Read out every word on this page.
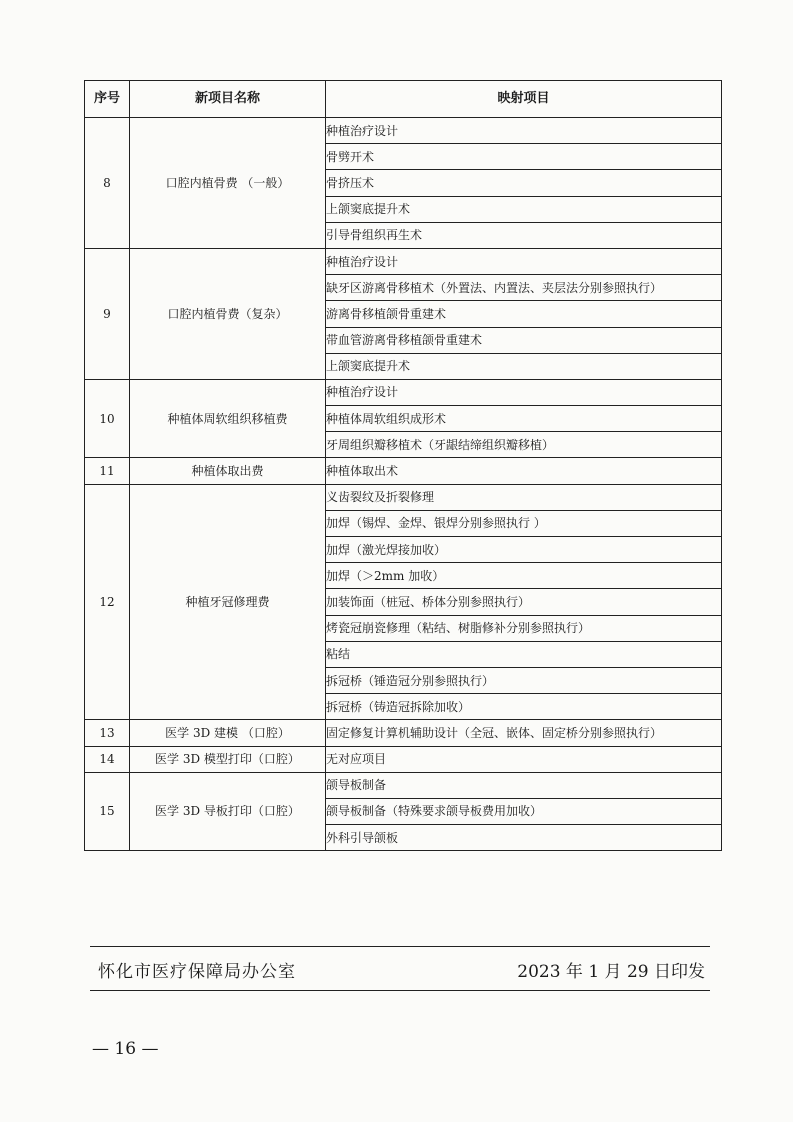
序号	新项目名称	映射项目
8	口腔内植骨费 （一般）	种植治疗设计
		骨劈开术
		骨挤压术
		上颌窦底提升术
		引导骨组织再生术
9	口腔内植骨费（复杂）	种植治疗设计
		缺牙区游离骨移植术（外置法、内置法、夹层法分别参照执行）
		游离骨移植颌骨重建术
		带血管游离骨移植颌骨重建术
		上颌窦底提升术
10	种植体周软组织移植费	种植治疗设计
		种植体周软组织成形术
		牙周组织瓣移植术（牙龈结缔组织瓣移植）
11	种植体取出费	种植体取出术
12	种植牙冠修理费	义齿裂纹及折裂修理
		加焊（锡焊、金焊、银焊分别参照执行 ）
		加焊（激光焊接加收）
		加焊（＞2mm 加收）
		加装饰面（桩冠、桥体分别参照执行）
		烤瓷冠崩瓷修理（粘结、树脂修补分别参照执行）
		粘结
		拆冠桥（锤造冠分别参照执行）
		拆冠桥（铸造冠拆除加收）
13	医学 3D 建模 （口腔）	固定修复计算机辅助设计（全冠、嵌体、固定桥分别参照执行）
14	医学 3D 模型打印（口腔）	无对应项目
15	医学 3D 导板打印（口腔）	颌导板制备
		颌导板制备（特殊要求颌导板费用加收）
		外科引导颌板
怀化市医疗保障局办公室	2023 年 1 月 29 日印发
— 16 —
